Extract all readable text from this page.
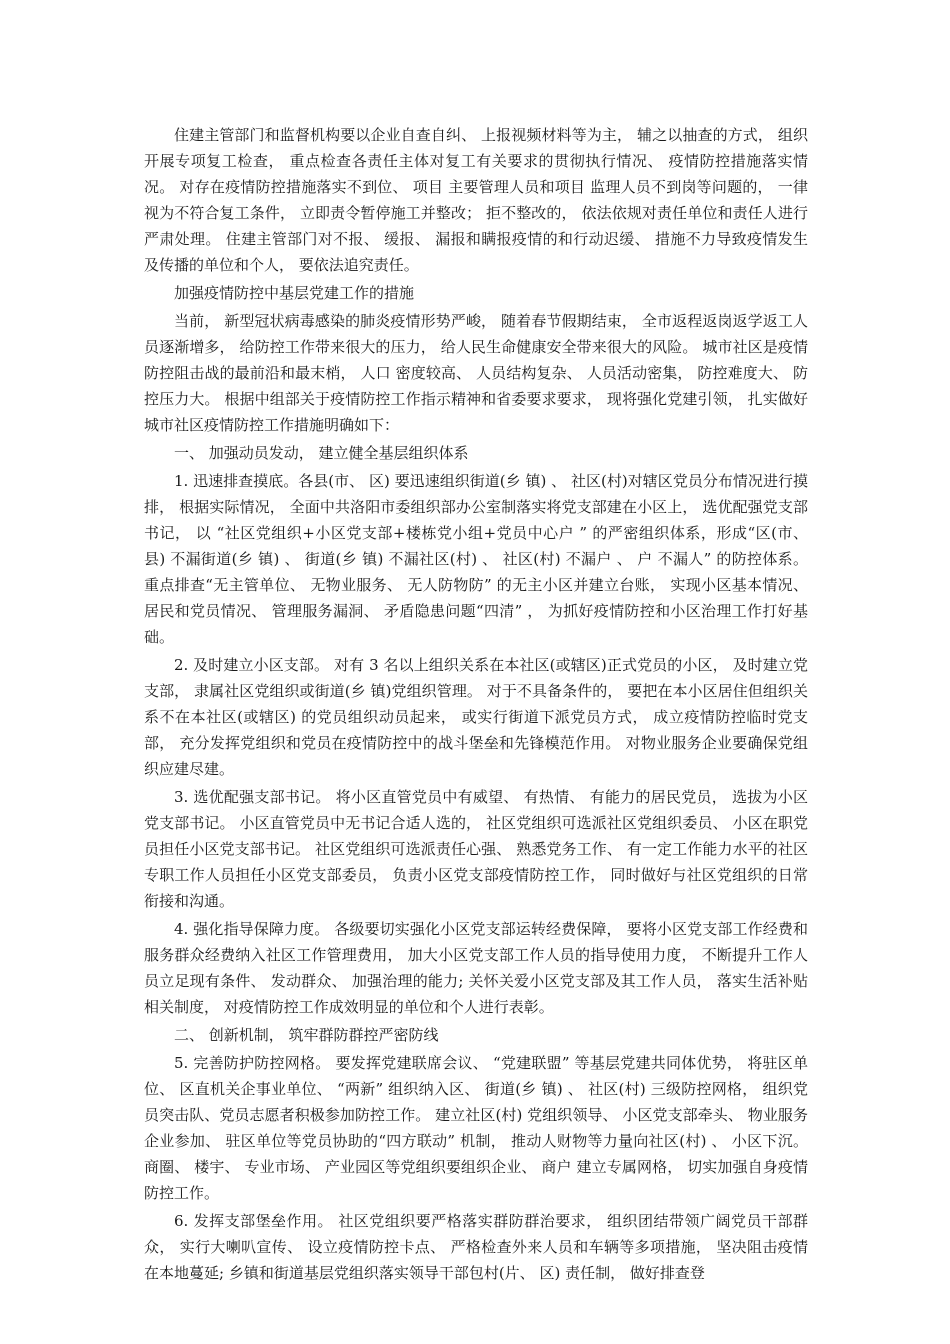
住建主管部门和监督机构要以企业自查自纠、 上报视频材料等为主， 辅之以抽查的方式， 组织开展专项复工检查， 重点检查各责任主体对复工有关要求的贯彻执行情况、 疫情防控措施落实情况。 对存在疫情防控措施落实不到位、 项目 主要管理人员和项目 监理人员不到岗等问题的， 一律视为不符合复工条件， 立即责令暂停施工并整改； 拒不整改的， 依法依规对责任单位和责任人进行严肃处理。 住建主管部门对不报、 缓报、 漏报和瞒报疫情的和行动迟缓、 措施不力导致疫情发生及传播的单位和个人， 要依法追究责任。

加强疫情防控中基层党建工作的措施

当前， 新型冠状病毒感染的肺炎疫情形势严峻， 随着春节假期结束， 全市返程返岗返学返工人员逐渐增多， 给防控工作带来很大的压力， 给人民生命健康安全带来很大的风险。 城市社区是疫情防控阻击战的最前沿和最末梢， 人口 密度较高、 人员结构复杂、 人员活动密集， 防控难度大、 防控压力大。 根据中组部关于疫情防控工作指示精神和省委要求要求， 现将强化党建引领， 扎实做好城市社区疫情防控工作措施明确如下：

一、 加强动员发动， 建立健全基层组织体系

1. 迅速排查摸底。各县(市、 区) 要迅速组织街道(乡 镇) 、 社区(村)对辖区党员分布情况进行摸排， 根据实际情况， 全面中共洛阳市委组织部办公室制落实将党支部建在小区上， 选优配强党支部书记， 以 “社区党组织+小区党支部+楼栋党小组+党员中心户 ” 的严密组织体系，形成“区(市、 县) 不漏街道(乡 镇) 、 街道(乡 镇) 不漏社区(村) 、 社区(村) 不漏户 、 户 不漏人” 的防控体系。 重点排查“无主管单位、 无物业服务、 无人防物防” 的无主小区并建立台账， 实现小区基本情况、居民和党员情况、 管理服务漏洞、 矛盾隐患问题“四清” ， 为抓好疫情防控和小区治理工作打好基础。

2. 及时建立小区支部。 对有 3 名以上组织关系在本社区(或辖区)正式党员的小区， 及时建立党支部， 隶属社区党组织或街道(乡 镇)党组织管理。 对于不具备条件的， 要把在本小区居住但组织关系不在本社区(或辖区) 的党员组织动员起来， 或实行街道下派党员方式， 成立疫情防控临时党支部， 充分发挥党组织和党员在疫情防控中的战斗堡垒和先锋模范作用。 对物业服务企业要确保党组织应建尽建。

3. 选优配强支部书记。 将小区直管党员中有威望、 有热情、 有能力的居民党员， 选拔为小区党支部书记。 小区直管党员中无书记合适人选的， 社区党组织可选派社区党组织委员、 小区在职党员担任小区党支部书记。 社区党组织可选派责任心强、 熟悉党务工作、 有一定工作能力水平的社区专职工作人员担任小区党支部委员， 负责小区党支部疫情防控工作， 同时做好与社区党组织的日常衔接和沟通。

4. 强化指导保障力度。 各级要切实强化小区党支部运转经费保障， 要将小区党支部工作经费和服务群众经费纳入社区工作管理费用， 加大小区党支部工作人员的指导使用力度， 不断提升工作人员立足现有条件、 发动群众、 加强治理的能力; 关怀关爱小区党支部及其工作人员， 落实生活补贴相关制度， 对疫情防控工作成效明显的单位和个人进行表彰。

二、 创新机制， 筑牢群防群控严密防线

5. 完善防护防控网格。 要发挥党建联席会议、 “党建联盟” 等基层党建共同体优势， 将驻区单位、 区直机关企事业单位、 “两新” 组织纳入区、 街道(乡 镇) 、 社区(村) 三级防控网格， 组织党员突击队、党员志愿者积极参加防控工作。 建立社区(村) 党组织领导、 小区党支部牵头、 物业服务企业参加、 驻区单位等党员协助的“四方联动” 机制， 推动人财物等力量向社区(村) 、 小区下沉。 商圈、 楼宇、 专业市场、 产业园区等党组织要组织企业、 商户 建立专属网格， 切实加强自身疫情防控工作。

6. 发挥支部堡垒作用。 社区党组织要严格落实群防群治要求， 组织团结带领广阔党员干部群众， 实行大喇叭宣传、 设立疫情防控卡点、 严格检查外来人员和车辆等多项措施， 坚决阻击疫情在本地蔓延; 乡镇和街道基层党组织落实领导干部包村(片、 区) 责任制， 做好排查登
